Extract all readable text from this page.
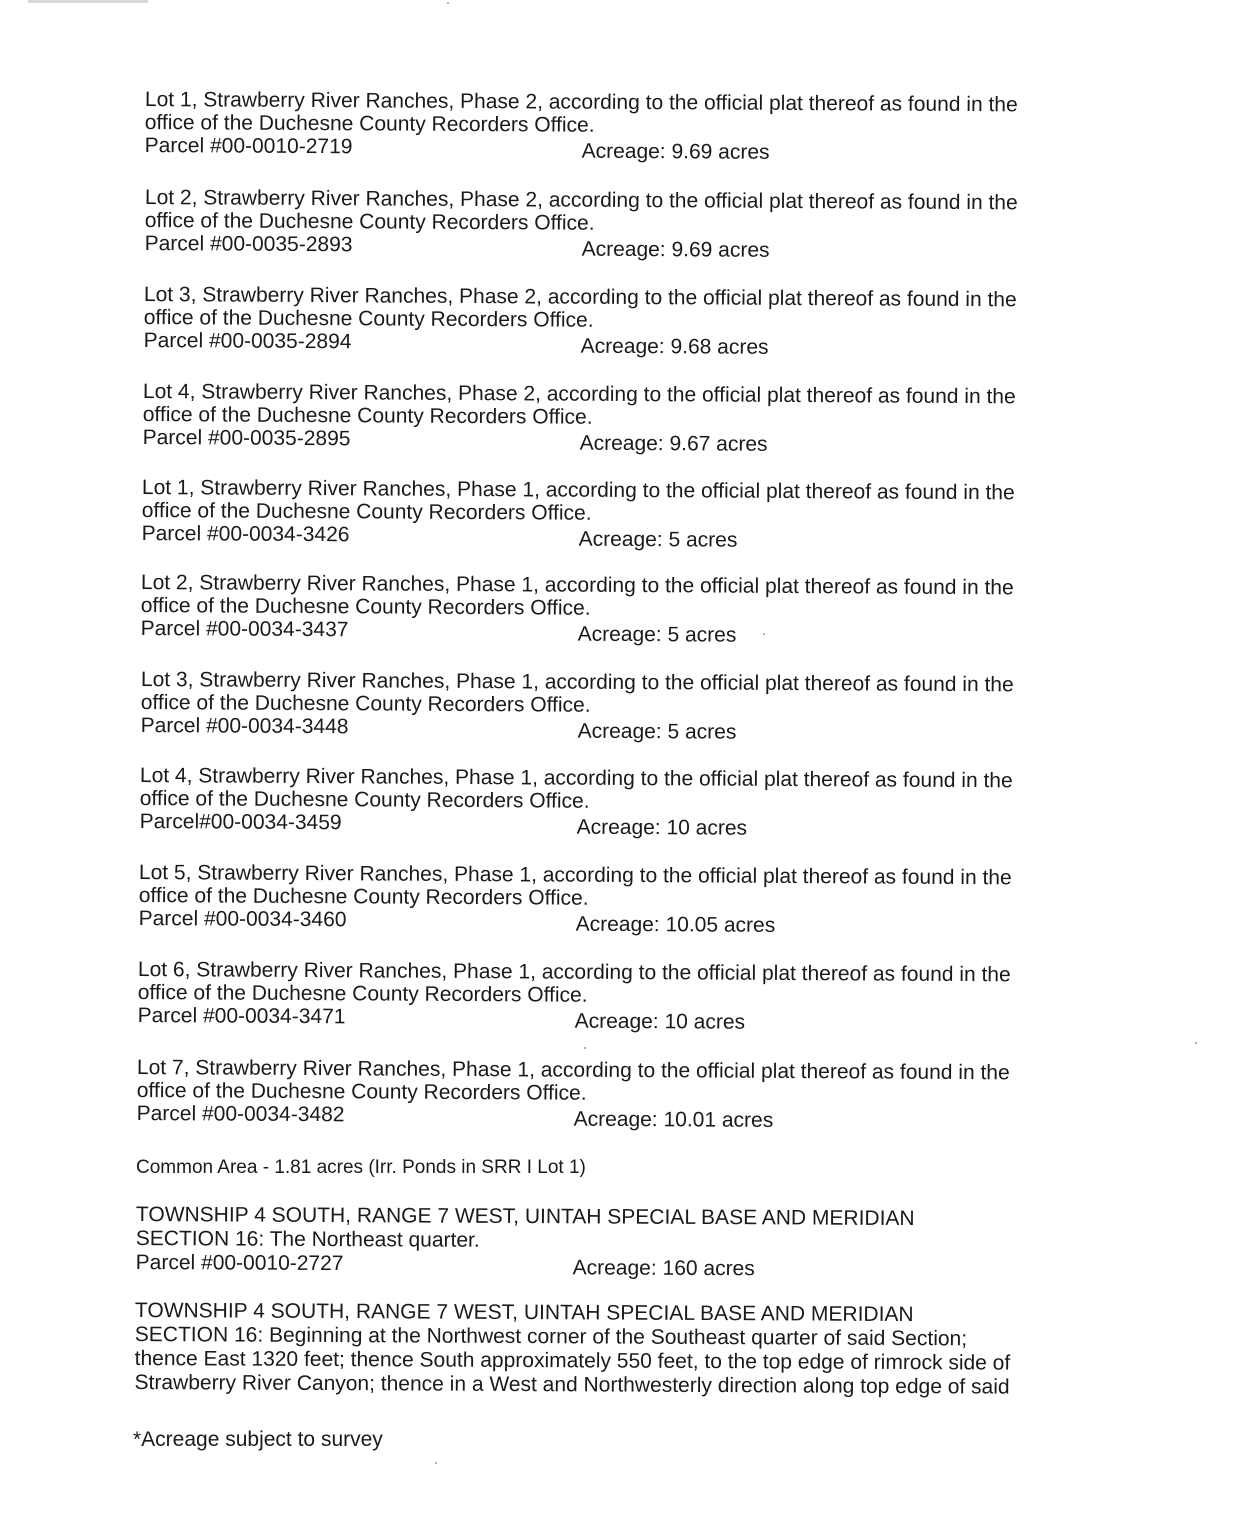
Lot 1, Strawberry River Ranches, Phase 2, according to the official plat thereof as found in the
office of the Duchesne County Recorders Office.
Parcel #00-0010-2719	Acreage: 9.69 acres
Lot 2, Strawberry River Ranches, Phase 2, according to the official plat thereof as found in the
office of the Duchesne County Recorders Office.
Parcel #00-0035-2893	Acreage: 9.69 acres
Lot 3, Strawberry River Ranches, Phase 2, according to the official plat thereof as found in the
office of the Duchesne County Recorders Office.
Parcel #00-0035-2894	Acreage: 9.68 acres
Lot 4, Strawberry River Ranches, Phase 2, according to the official plat thereof as found in the
office of the Duchesne County Recorders Office.
Parcel #00-0035-2895	Acreage: 9.67 acres
Lot 1, Strawberry River Ranches, Phase 1, according to the official plat thereof as found in the
office of the Duchesne County Recorders Office.
Parcel #00-0034-3426	Acreage: 5 acres
Lot 2, Strawberry River Ranches, Phase 1, according to the official plat thereof as found in the
office of the Duchesne County Recorders Office.
Parcel #00-0034-3437	Acreage: 5 acres
Lot 3, Strawberry River Ranches, Phase 1, according to the official plat thereof as found in the
office of the Duchesne County Recorders Office.
Parcel #00-0034-3448	Acreage: 5 acres
Lot 4, Strawberry River Ranches, Phase 1, according to the official plat thereof as found in the
office of the Duchesne County Recorders Office.
Parcel#00-0034-3459	Acreage: 10 acres
Lot 5, Strawberry River Ranches, Phase 1, according to the official plat thereof as found in the
office of the Duchesne County Recorders Office.
Parcel #00-0034-3460	Acreage: 10.05 acres
Lot 6, Strawberry River Ranches, Phase 1, according to the official plat thereof as found in the
office of the Duchesne County Recorders Office.
Parcel #00-0034-3471	Acreage: 10 acres
Lot 7, Strawberry River Ranches, Phase 1, according to the official plat thereof as found in the
office of the Duchesne County Recorders Office.
Parcel #00-0034-3482	Acreage: 10.01 acres
Common Area - 1.81 acres (Irr. Ponds in SRR I Lot 1)
TOWNSHIP 4 SOUTH, RANGE 7 WEST, UINTAH SPECIAL BASE AND MERIDIAN
SECTION 16: The Northeast quarter.
Parcel #00-0010-2727	Acreage: 160 acres
TOWNSHIP 4 SOUTH, RANGE 7 WEST, UINTAH SPECIAL BASE AND MERIDIAN
SECTION 16: Beginning at the Northwest corner of the Southeast quarter of said Section;
thence East 1320 feet; thence South approximately 550 feet, to the top edge of rimrock side of
Strawberry River Canyon; thence in a West and Northwesterly direction along top edge of said
*Acreage subject to survey
